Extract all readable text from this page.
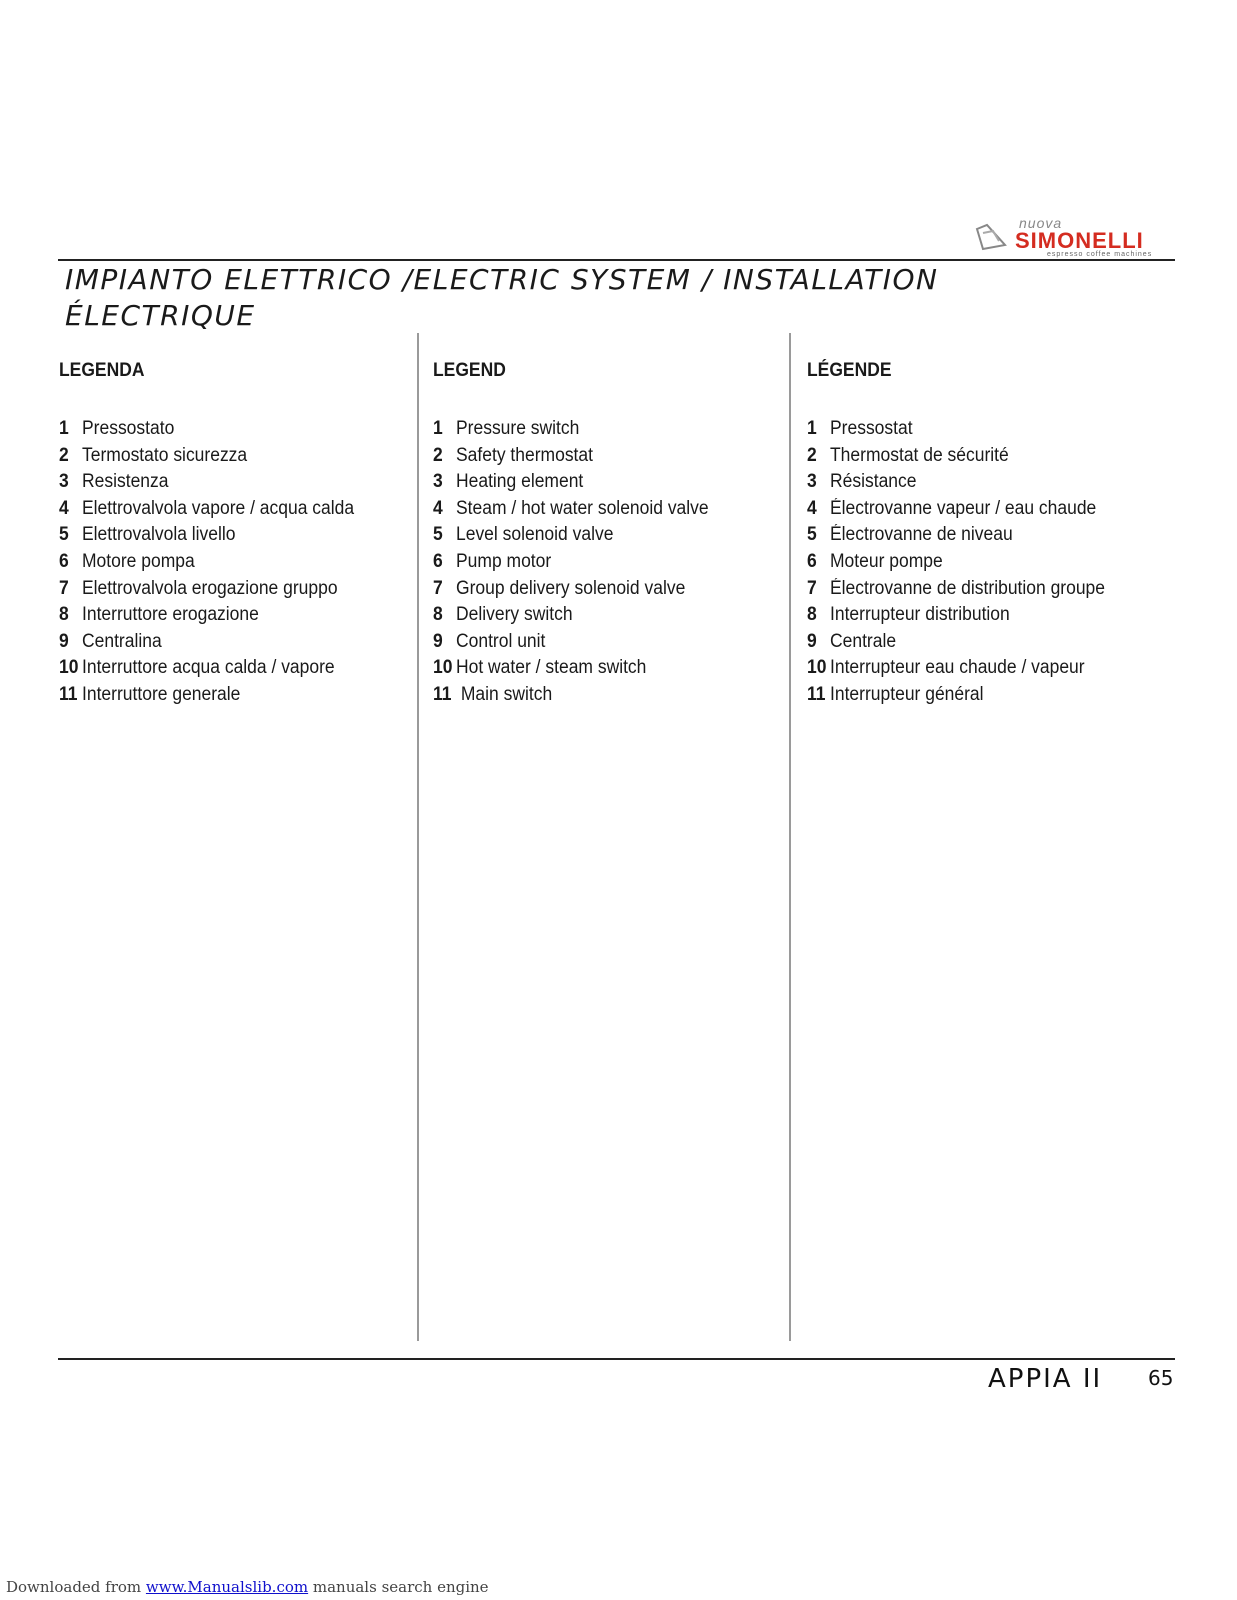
nuova
SIMONELLI
espresso coffee machines
IMPIANTO ELETTRICO /ELECTRIC SYSTEM / INSTALLATION
ÉLECTRIQUE
LEGENDA
1 Pressostato
2 Termostato sicurezza
3 Resistenza
4 Elettrovalvola vapore / acqua calda
5 Elettrovalvola livello
6 Motore pompa
7 Elettrovalvola erogazione gruppo
8 Interruttore erogazione
9 Centralina
10 Interruttore acqua calda / vapore
11 Interruttore generale
LEGEND
1 Pressure switch
2 Safety thermostat
3 Heating element
4 Steam / hot water solenoid valve
5 Level solenoid valve
6 Pump motor
7 Group delivery solenoid valve
8 Delivery switch
9 Control unit
10 Hot water / steam switch
11 Main switch
LÉGENDE
1 Pressostat
2 Thermostat de sécurité
3 Résistance
4 Électrovanne vapeur / eau chaude
5 Électrovanne de niveau
6 Moteur pompe
7 Électrovanne de distribution groupe
8 Interrupteur distribution
9 Centrale
10 Interrupteur eau chaude / vapeur
11 Interrupteur général
APPIA II 65
Downloaded from www.Manualslib.com manuals search engine
